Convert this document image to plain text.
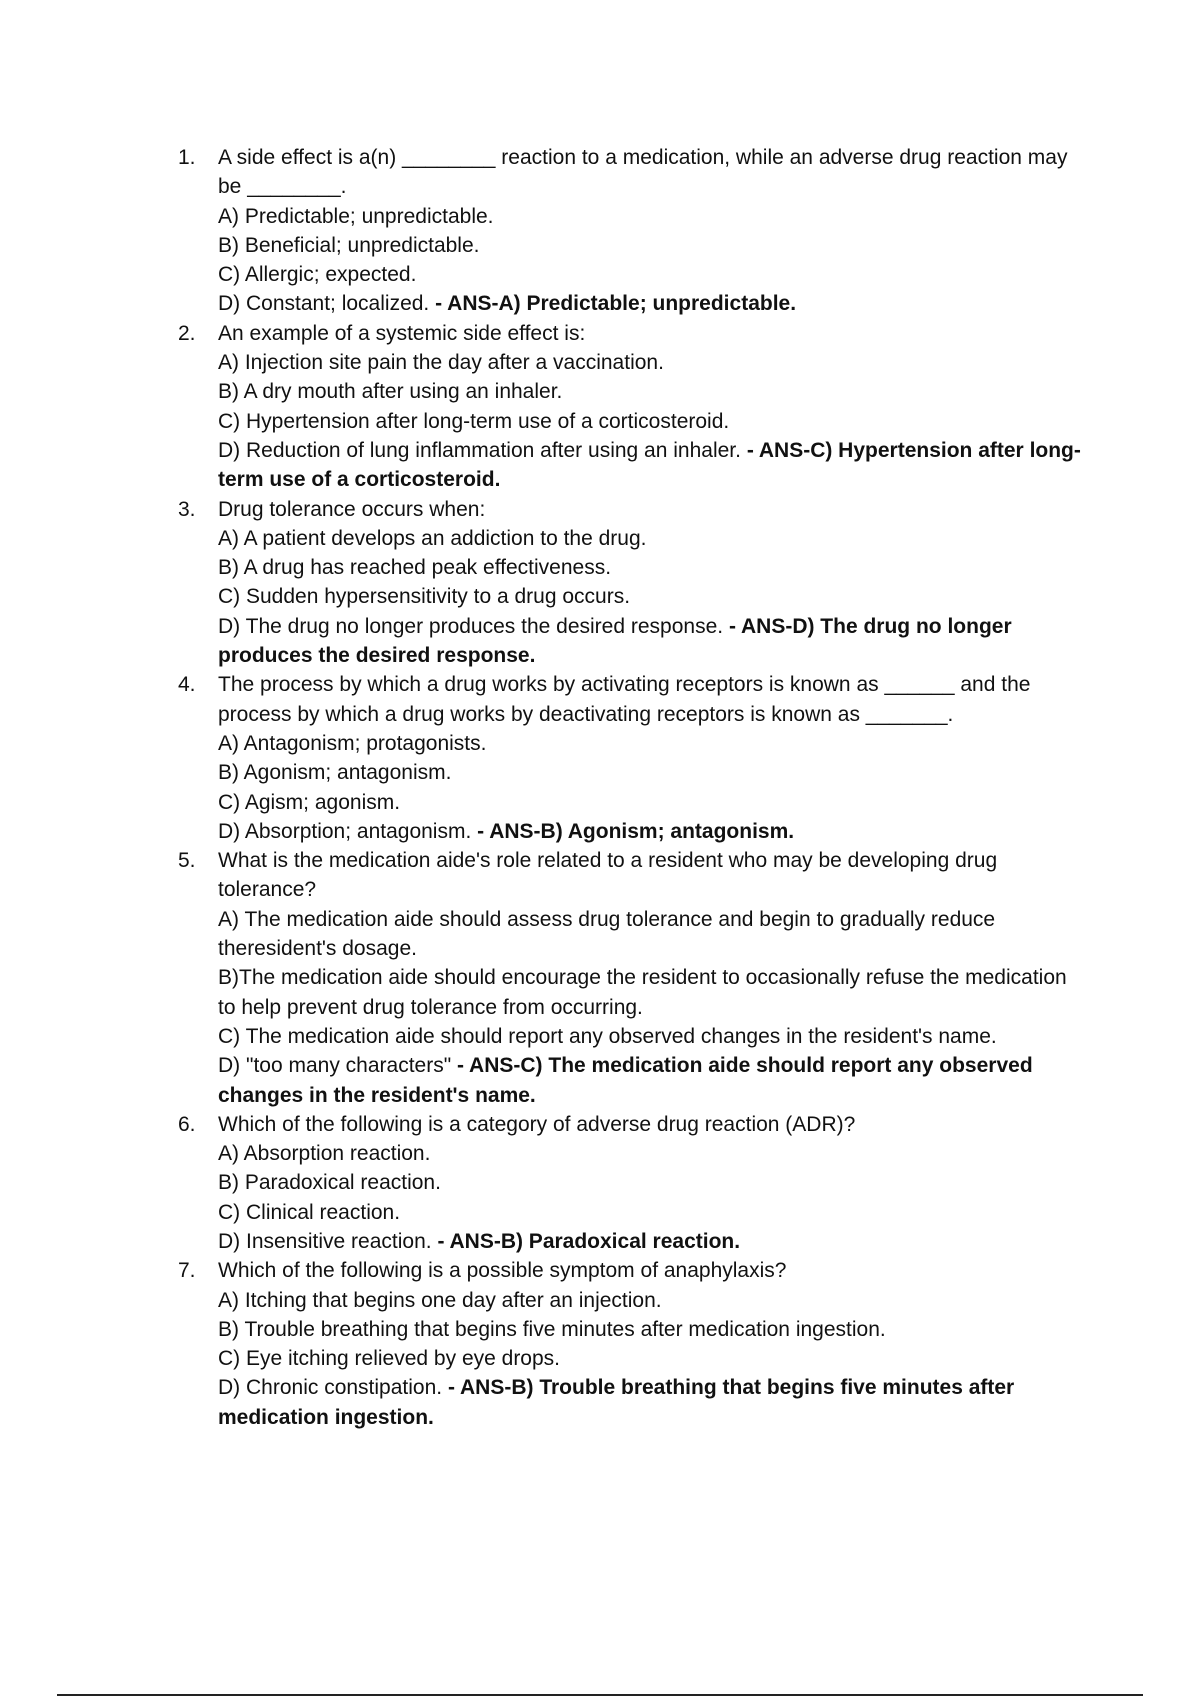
1.	A side effect is a(n) ________ reaction to a medication, while an adverse drug reaction may be ________.
A) Predictable; unpredictable.
B) Beneficial; unpredictable.
C) Allergic; expected.
D) Constant; localized. - ANS-A) Predictable; unpredictable.
2.	An example of a systemic side effect is:
A) Injection site pain the day after a vaccination.
B) A dry mouth after using an inhaler.
C) Hypertension after long-term use of a corticosteroid.
D) Reduction of lung inflammation after using an inhaler. - ANS-C) Hypertension after long-term use of a corticosteroid.
3.	Drug tolerance occurs when:
A) A patient develops an addiction to the drug.
B) A drug has reached peak effectiveness.
C) Sudden hypersensitivity to a drug occurs.
D) The drug no longer produces the desired response. - ANS-D) The drug no longer produces the desired response.
4.	The process by which a drug works by activating receptors is known as ______ and the process by which a drug works by deactivating receptors is known as _______.
A) Antagonism; protagonists.
B) Agonism; antagonism.
C) Agism; agonism.
D) Absorption; antagonism. - ANS-B) Agonism; antagonism.
5.	What is the medication aide's role related to a resident who may be developing drug tolerance?
A) The medication aide should assess drug tolerance and begin to gradually reduce theresident's dosage.
B)The medication aide should encourage the resident to occasionally refuse the medication to help prevent drug tolerance from occurring.
C) The medication aide should report any observed changes in the resident's name.
D) "too many characters" - ANS-C) The medication aide should report any observed changes in the resident's name.
6.	Which of the following is a category of adverse drug reaction (ADR)?
A) Absorption reaction.
B) Paradoxical reaction.
C) Clinical reaction.
D) Insensitive reaction. - ANS-B) Paradoxical reaction.
7.	Which of the following is a possible symptom of anaphylaxis?
A) Itching that begins one day after an injection.
B) Trouble breathing that begins five minutes after medication ingestion.
C) Eye itching relieved by eye drops.
D) Chronic constipation. - ANS-B) Trouble breathing that begins five minutes after medication ingestion.
